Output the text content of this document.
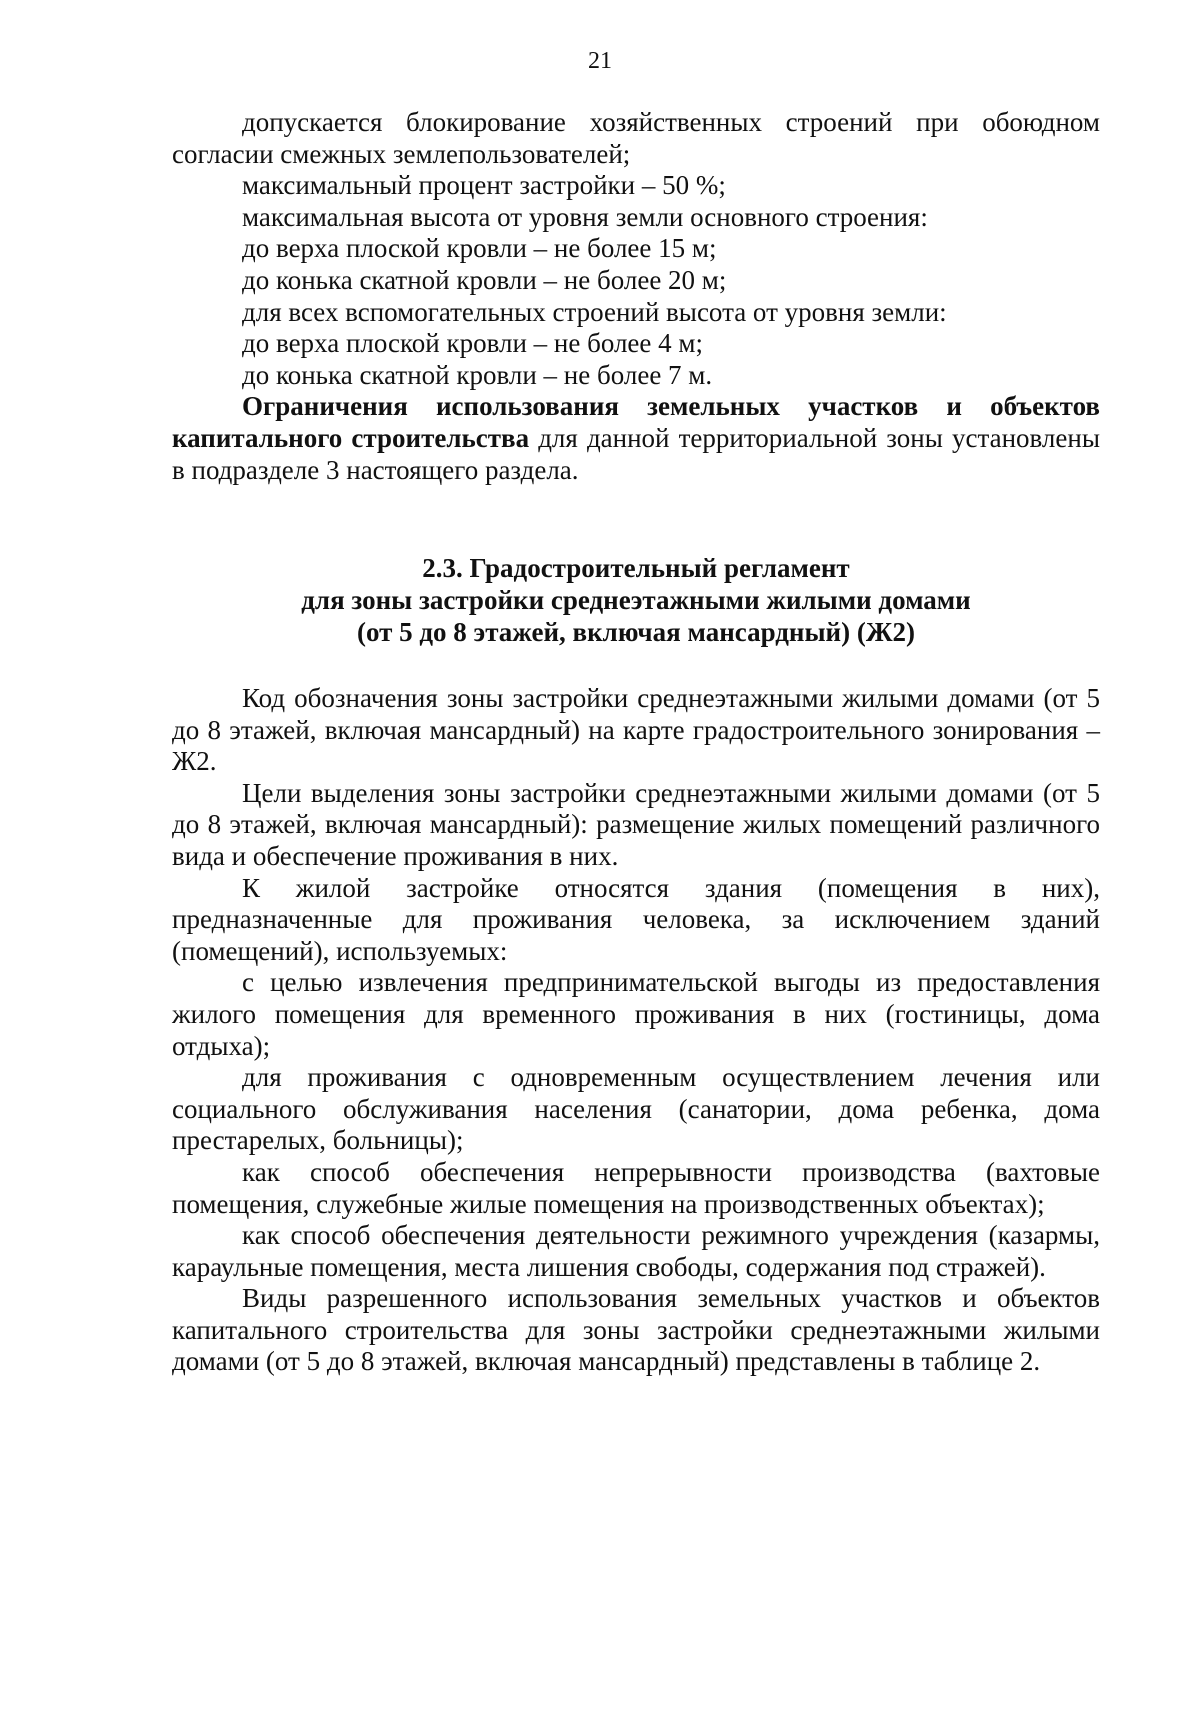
21

допускается блокирование хозяйственных строений при обоюдном согласии смежных землепользователей;

максимальный процент застройки – 50 %;

максимальная высота от уровня земли основного строения:

до верха плоской кровли – не более 15 м;

до конька скатной кровли – не более 20 м;

для всех вспомогательных строений высота от уровня земли:

до верха плоской кровли – не более 4 м;

до конька скатной кровли – не более 7 м.

Ограничения использования земельных участков и объектов капитального строительства для данной территориальной зоны установлены в подразделе 3 настоящего раздела.

2.3. Градостроительный регламент
для зоны застройки среднеэтажными жилыми домами
(от 5 до 8 этажей, включая мансардный) (Ж2)

Код обозначения зоны застройки среднеэтажными жилыми домами (от 5 до 8 этажей, включая мансардный) на карте градостроительного зонирования – Ж2.

Цели выделения зоны застройки среднеэтажными жилыми домами (от 5 до 8 этажей, включая мансардный): размещение жилых помещений различного вида и обеспечение проживания в них.

К жилой застройке относятся здания (помещения в них), предназначенные для проживания человека, за исключением зданий (помещений), используемых:

с целью извлечения предпринимательской выгоды из предоставления жилого помещения для временного проживания в них (гостиницы, дома отдыха);

для проживания с одновременным осуществлением лечения или социального обслуживания населения (санатории, дома ребенка, дома престарелых, больницы);

как способ обеспечения непрерывности производства (вахтовые помещения, служебные жилые помещения на производственных объектах);

как способ обеспечения деятельности режимного учреждения (казармы, караульные помещения, места лишения свободы, содержания под стражей).

Виды разрешенного использования земельных участков и объектов капитального строительства для зоны застройки среднеэтажными жилыми домами (от 5 до 8 этажей, включая мансардный) представлены в таблице 2.
